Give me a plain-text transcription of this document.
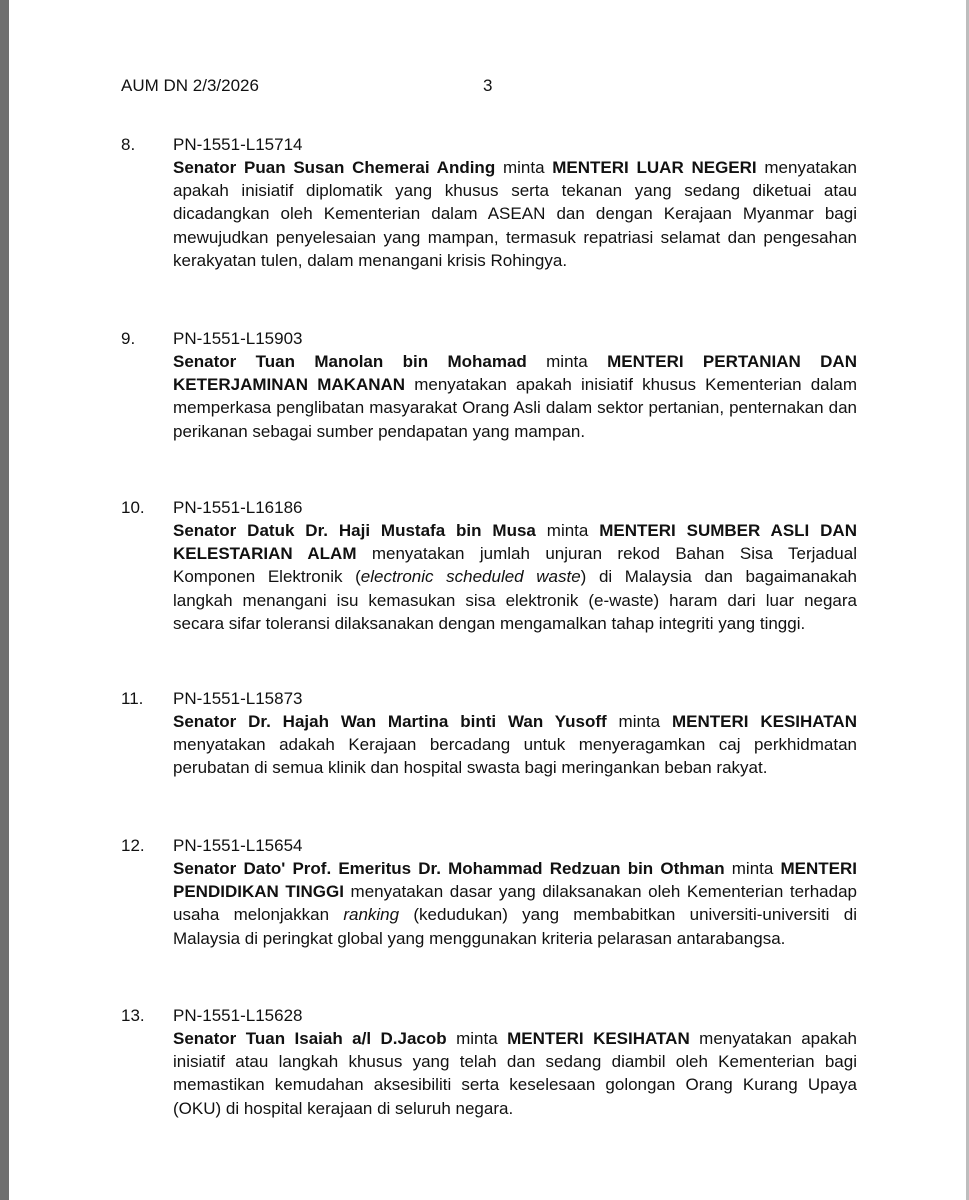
AUM DN 2/3/2026	3
8. PN-1551-L15714

Senator Puan Susan Chemerai Anding minta MENTERI LUAR NEGERI menyatakan apakah inisiatif diplomatik yang khusus serta tekanan yang sedang diketuai atau dicadangkan oleh Kementerian dalam ASEAN dan dengan Kerajaan Myanmar bagi mewujudkan penyelesaian yang mampan, termasuk repatriasi selamat dan pengesahan kerakyatan tulen, dalam menangani krisis Rohingya.

9. PN-1551-L15903

Senator Tuan Manolan bin Mohamad minta MENTERI PERTANIAN DAN KETERJAMINAN MAKANAN menyatakan apakah inisiatif khusus Kementerian dalam memperkasa penglibatan masyarakat Orang Asli dalam sektor pertanian, penternakan dan perikanan sebagai sumber pendapatan yang mampan.

10. PN-1551-L16186

Senator Datuk Dr. Haji Mustafa bin Musa minta MENTERI SUMBER ASLI DAN KELESTARIAN ALAM menyatakan jumlah unjuran rekod Bahan Sisa Terjadual Komponen Elektronik (electronic scheduled waste) di Malaysia dan bagaimanakah langkah menangani isu kemasukan sisa elektronik (e-waste) haram dari luar negara secara sifar toleransi dilaksanakan dengan mengamalkan tahap integriti yang tinggi.

11. PN-1551-L15873

Senator Dr. Hajah Wan Martina binti Wan Yusoff minta MENTERI KESIHATAN menyatakan adakah Kerajaan bercadang untuk menyeragamkan caj perkhidmatan perubatan di semua klinik dan hospital swasta bagi meringankan beban rakyat.

12. PN-1551-L15654

Senator Dato' Prof. Emeritus Dr. Mohammad Redzuan bin Othman minta MENTERI PENDIDIKAN TINGGI menyatakan dasar yang dilaksanakan oleh Kementerian terhadap usaha melonjakkan ranking (kedudukan) yang membabitkan universiti-universiti di Malaysia di peringkat global yang menggunakan kriteria pelarasan antarabangsa.

13. PN-1551-L15628

Senator Tuan Isaiah a/l D.Jacob minta MENTERI KESIHATAN menyatakan apakah inisiatif atau langkah khusus yang telah dan sedang diambil oleh Kementerian bagi memastikan kemudahan aksesibiliti serta keselesaan golongan Orang Kurang Upaya (OKU) di hospital kerajaan di seluruh negara.
